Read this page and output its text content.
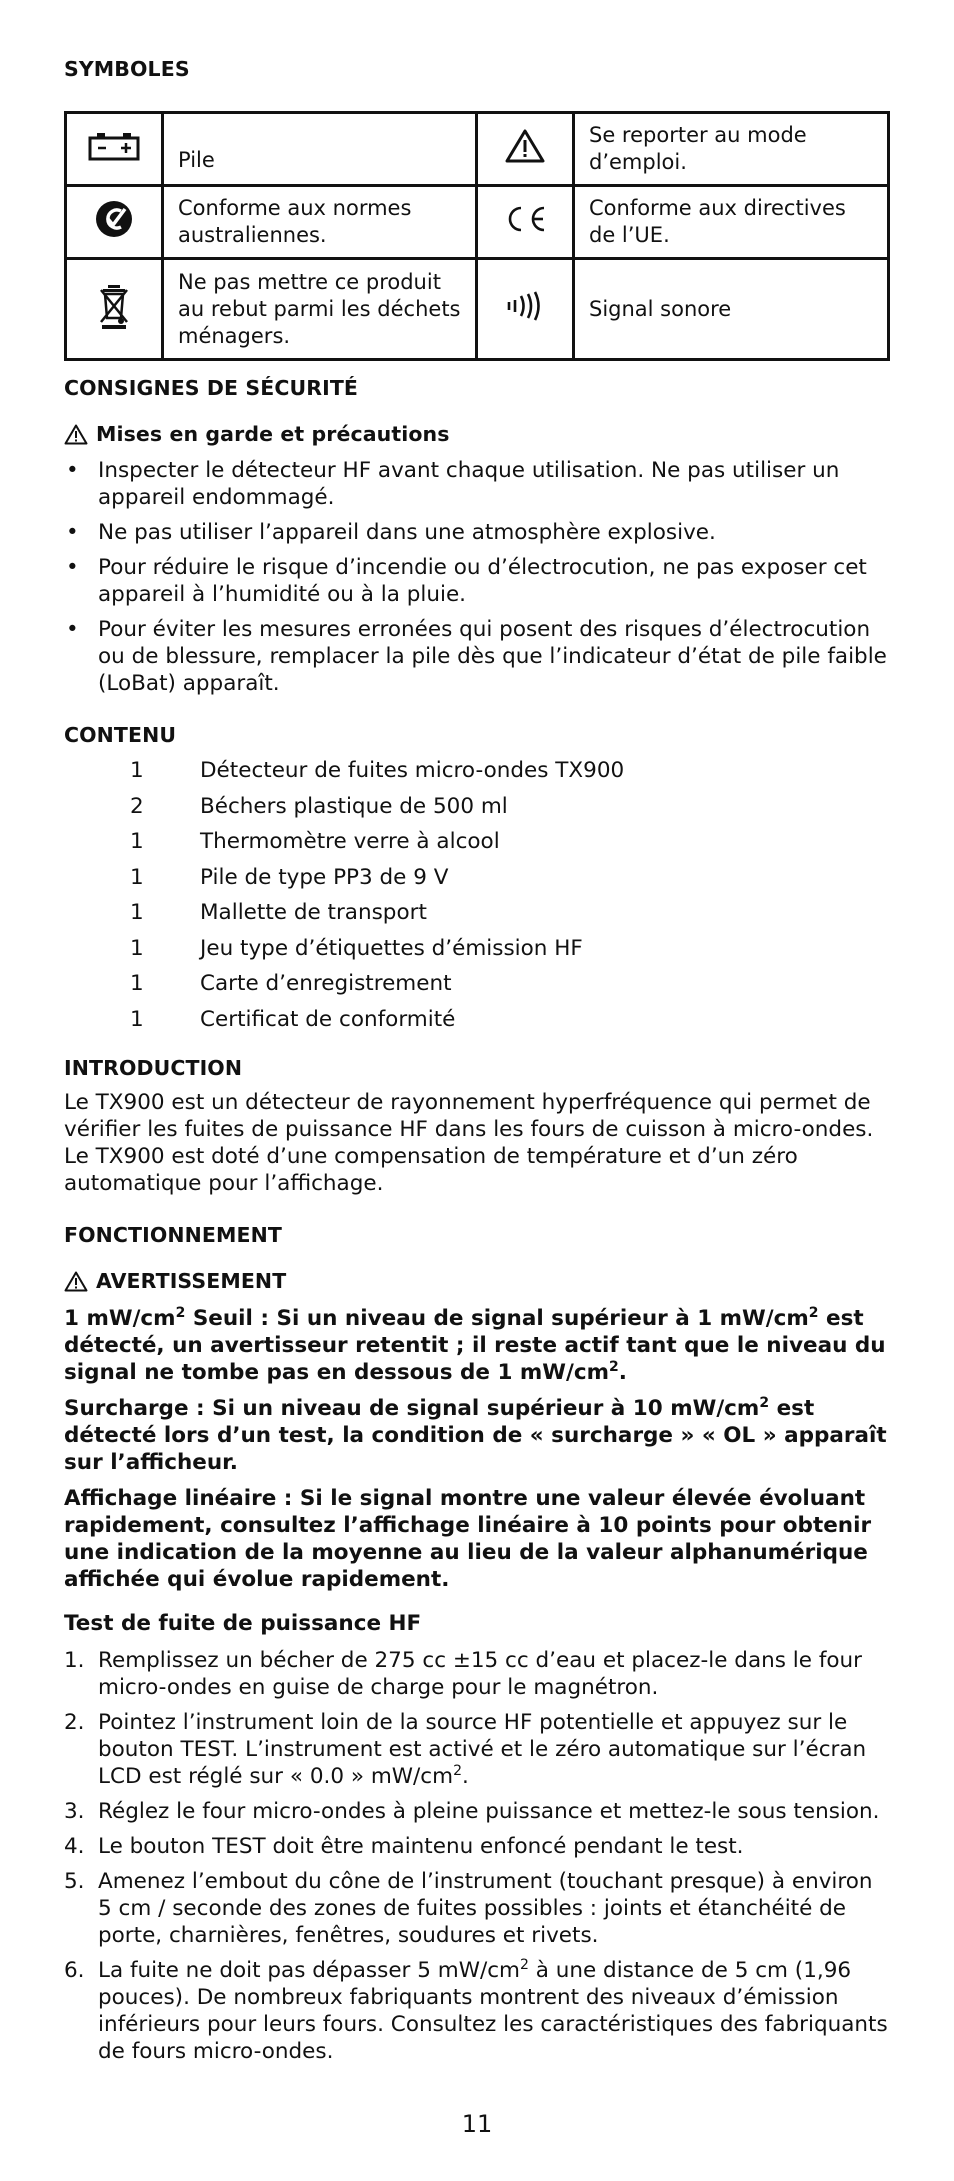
SYMBOLES
	Pile		Se reporter au mode d’emploi.
	Conforme aux normes australiennes.		Conforme aux directives de l’UE.
	Ne pas mettre ce produit au rebut parmi les déchets ménagers.		Signal sonore
CONSIGNES DE SÉCURITÉ
Mises en garde et précautions
• Inspecter le détecteur HF avant chaque utilisation. Ne pas utiliser un appareil endommagé.
• Ne pas utiliser l’appareil dans une atmosphère explosive.
• Pour réduire le risque d’incendie ou d’électrocution, ne pas exposer cet appareil à l’humidité ou à la pluie.
• Pour éviter les mesures erronées qui posent des risques d’électrocution ou de blessure, remplacer la pile dès que l’indicateur d’état de pile faible (LoBat) apparaît.
CONTENU
1	Détecteur de fuites micro-ondes TX900
2	Béchers plastique de 500 ml
1	Thermomètre verre à alcool
1	Pile de type PP3 de 9 V
1	Mallette de transport
1	Jeu type d’étiquettes d’émission HF
1	Carte d’enregistrement
1	Certificat de conformité
INTRODUCTION

Le TX900 est un détecteur de rayonnement hyperfréquence qui permet de vérifier les fuites de puissance HF dans les fours de cuisson à micro-ondes. Le TX900 est doté d’une compensation de température et d’un zéro automatique pour l’affichage.

FONCTIONNEMENT
AVERTISSEMENT

1 $mW/cm^2$ Seuil : Si un niveau de signal supérieur à 1 $mW/cm^2$ est détecté, un avertisseur retentit ; il reste actif tant que le niveau du signal ne tombe pas en dessous de 1 $mW/cm^2$.

Surcharge : Si un niveau de signal supérieur à 10 $mW/cm^2$ est détecté lors d’un test, la condition de « surcharge » « OL » apparaît sur l’afficheur.

Affichage linéaire : Si le signal montre une valeur élevée évoluant rapidement, consultez l’affichage linéaire à 10 points pour obtenir une indication de la moyenne au lieu de la valeur alphanumérique affichée qui évolue rapidement.

Test de fuite de puissance HF
1. Remplissez un bécher de 275 cc ±15 cc d’eau et placez-le dans le four micro-ondes en guise de charge pour le magnétron.
2. Pointez l’instrument loin de la source HF potentielle et appuyez sur le bouton TEST. L’instrument est activé et le zéro automatique sur l’écran LCD est réglé sur « 0.0 » $mW/cm^2$.
3. Réglez le four micro-ondes à pleine puissance et mettez-le sous tension.
4. Le bouton TEST doit être maintenu enfoncé pendant le test.
5. Amenez l’embout du cône de l’instrument (touchant presque) à environ 5 cm / seconde des zones de fuites possibles : joints et étanchéité de porte, charnières, fenêtres, soudures et rivets.
6. La fuite ne doit pas dépasser 5 $mW/cm^2$ à une distance de 5 cm (1,96 pouces). De nombreux fabriquants montrent des niveaux d’émission inférieurs pour leurs fours. Consultez les caractéristiques des fabriquants de fours micro-ondes.
11
